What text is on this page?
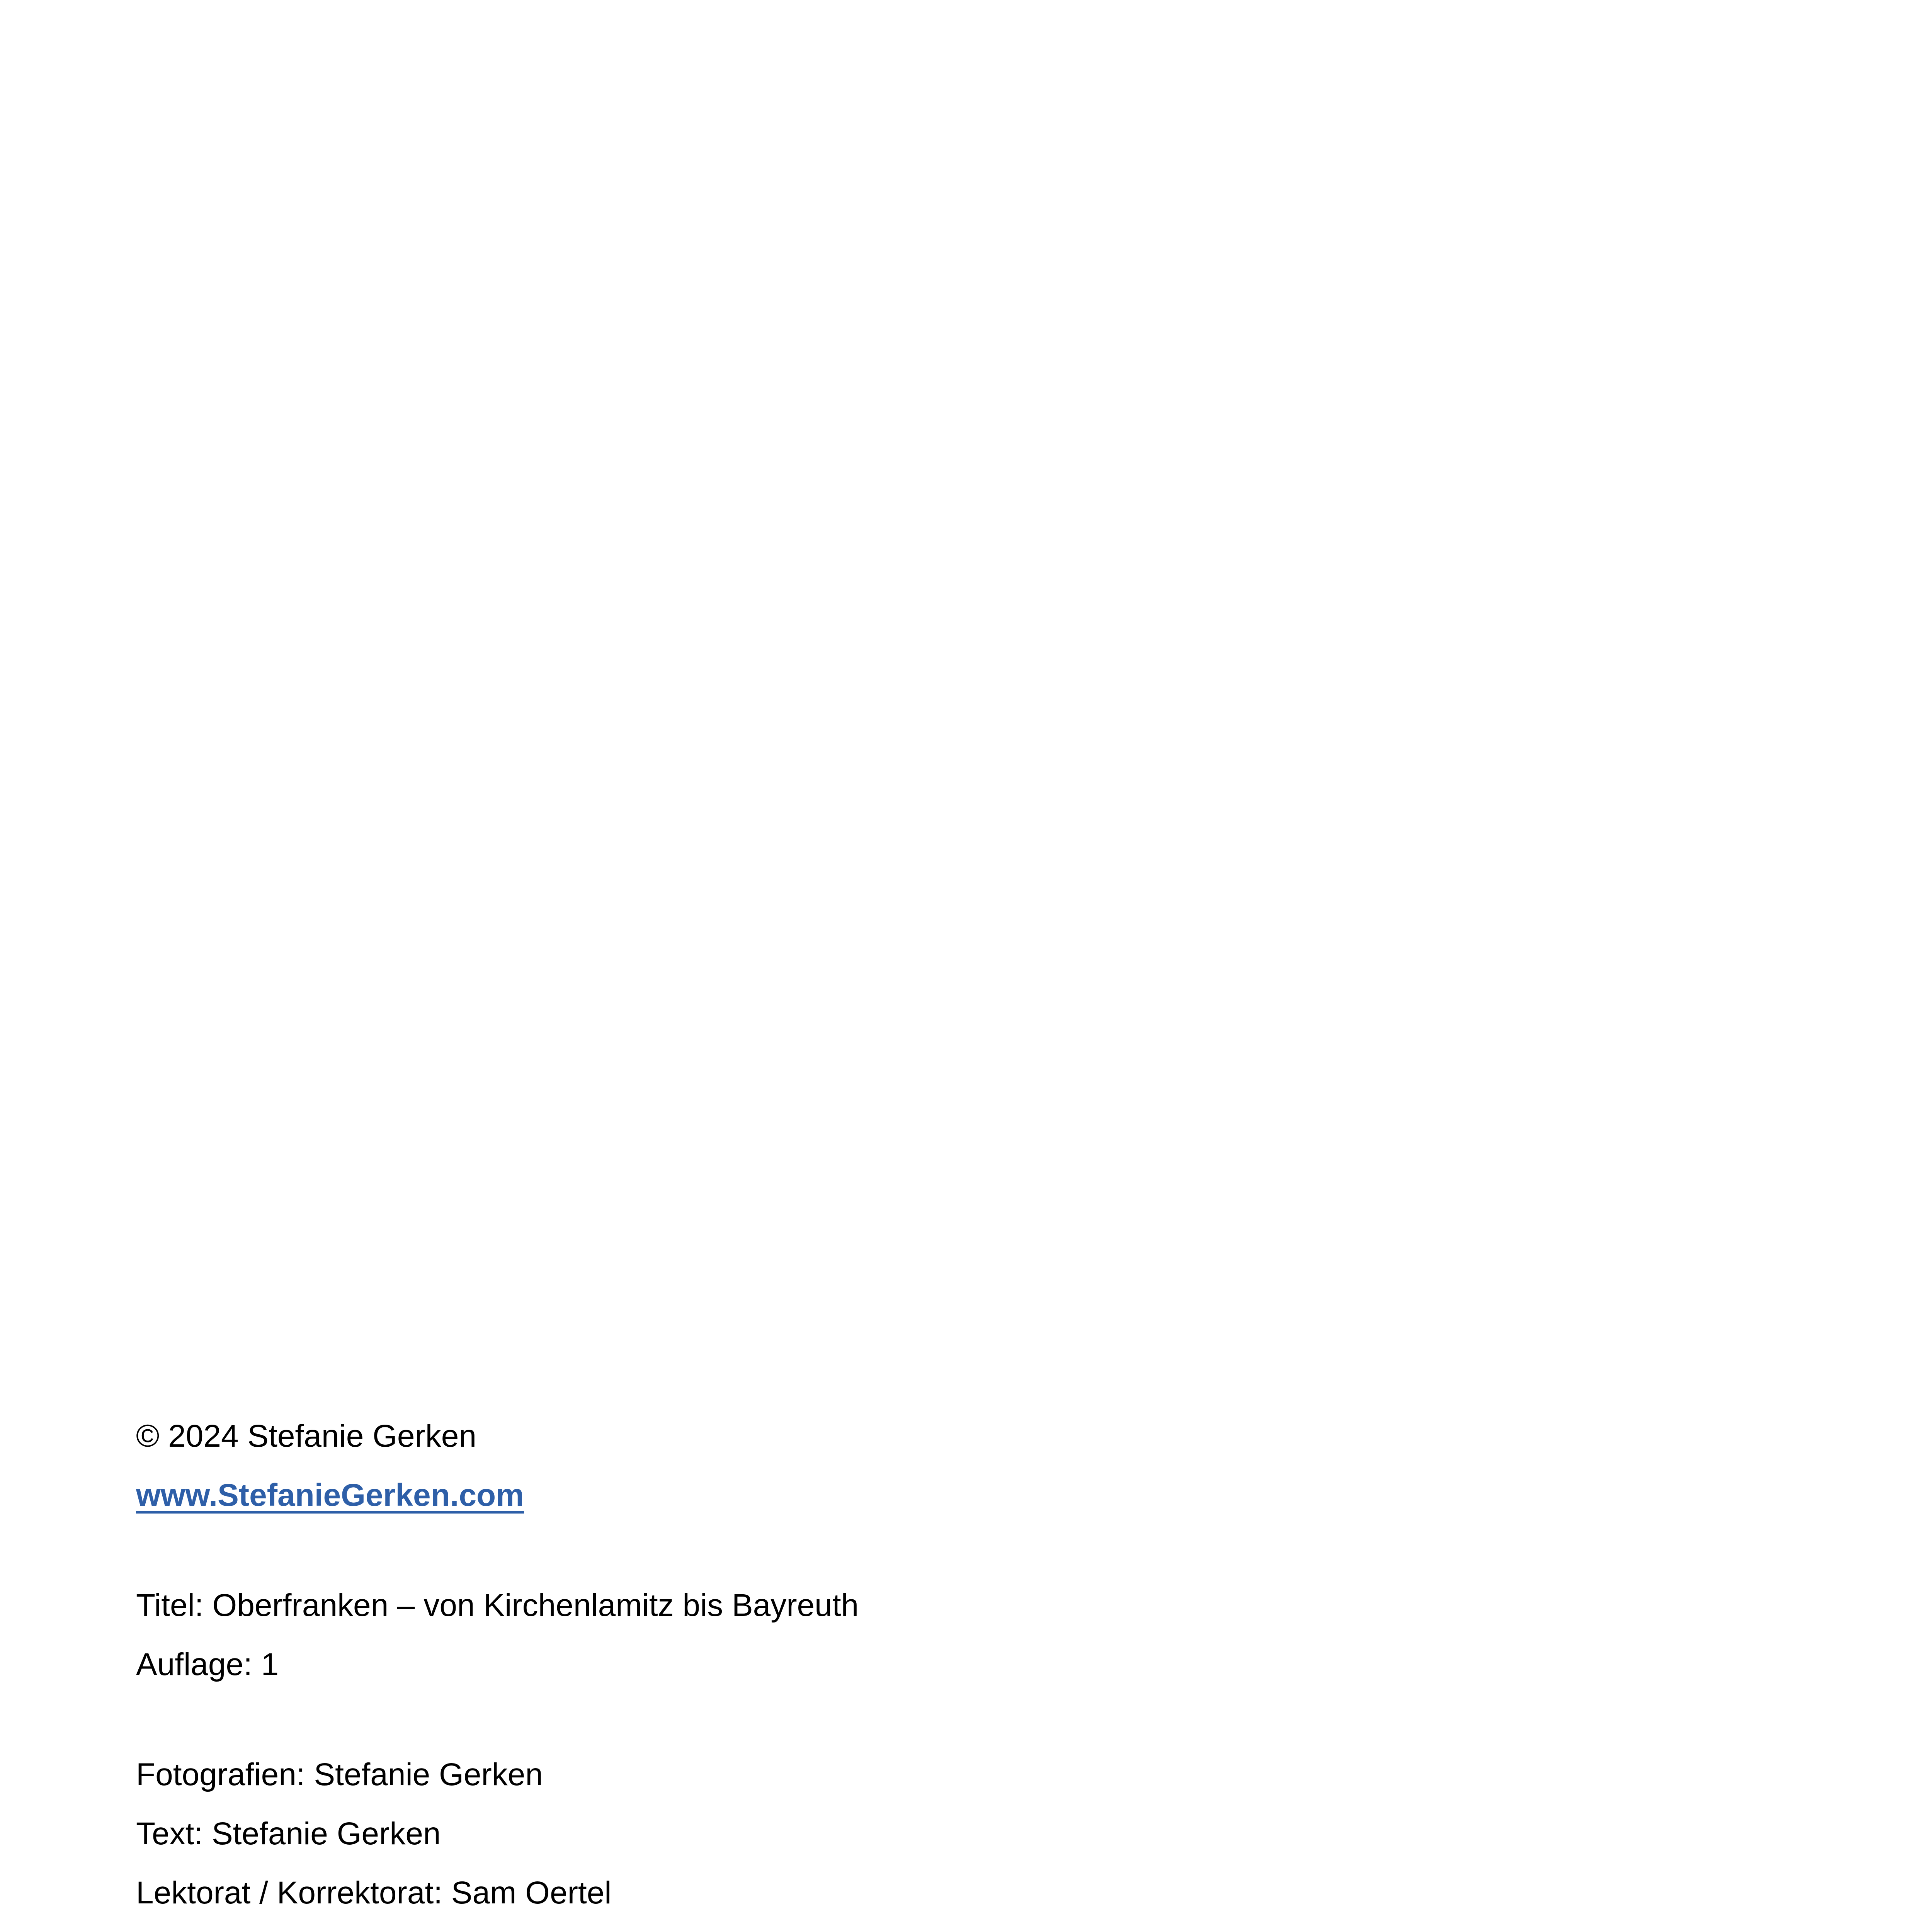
© 2024 Stefanie Gerken
www.StefanieGerken.com
Titel: Oberfranken – von Kirchenlamitz bis Bayreuth
Auflage: 1
Fotografien: Stefanie Gerken
Text: Stefanie Gerken
Lektorat / Korrektorat: Sam Oertel
